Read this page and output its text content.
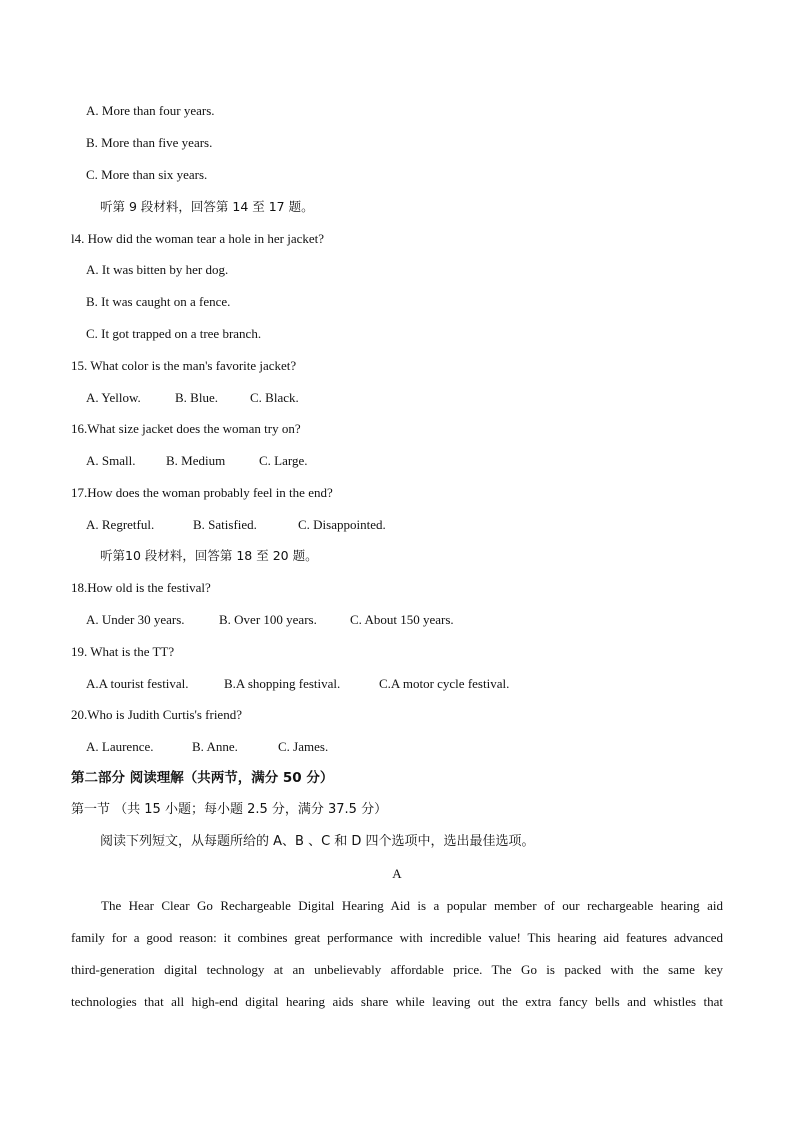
A. More than four years.
B. More than five years.
C. More than six years.
听第 9 段材料，回答第 14 至 17 题。
l4. How did the woman tear a hole in her jacket?
A. It was bitten by her dog.
B. It was caught on a fence.
C. It got trapped on a tree branch.
15. What color is the man's favorite jacket?
A. Yellow.	B. Blue.	C. Black.
16.What size jacket does the woman try on?
A. Small.	B. Medium	C. Large.
17.How does the woman probably feel in the end?
A. Regretful.	B. Satisfied.	C. Disappointed.
听第10 段材料，回答第 18 至 20 题。
18.How old is the festival?
A. Under 30 years.	B. Over 100 years.	C. About 150 years.
19. What is the TT?
A.A tourist festival.	B.A shopping festival.	C.A motor cycle festival.
20.Who is Judith Curtis's friend?
A. Laurence.	B. Anne.	C. James.
第二部分 阅读理解（共两节，满分 50 分）
第一节 （共 15 小题；每小题 2.5 分，满分 37.5 分）
阅读下列短文，从每题所给的 A、B 、C 和 D 四个选项中，选出最佳选项。
A
The Hear Clear Go Rechargeable Digital Hearing Aid is a popular member of our rechargeable hearing aid
family for a good reason: it combines great performance with incredible value! This hearing aid features advanced
third-generation digital technology at an unbelievably affordable price. The Go is packed with the same key
technologies that all high-end digital hearing aids share while leaving out the extra fancy bells and whistles that
